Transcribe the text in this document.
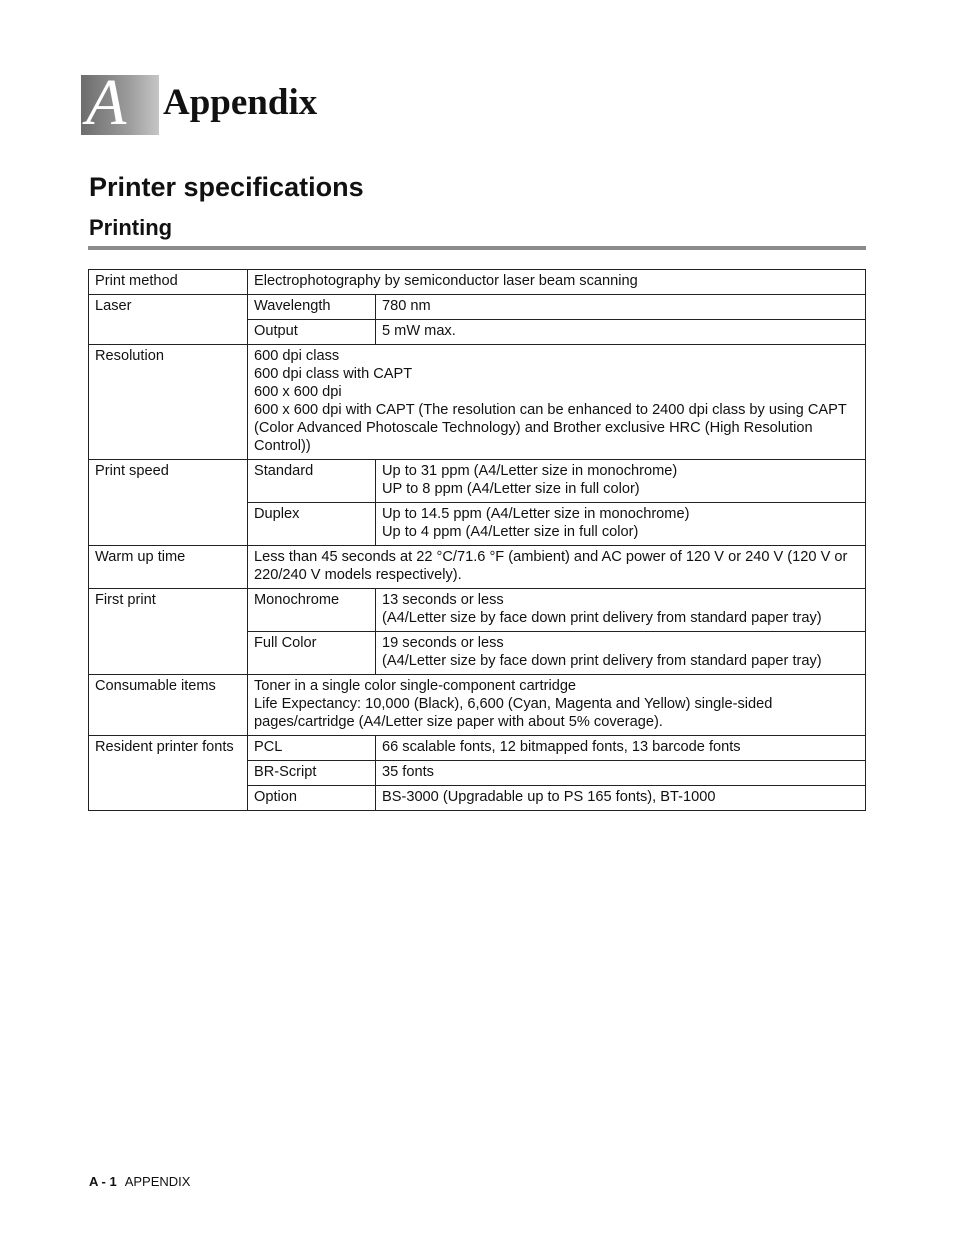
A Appendix
Printer specifications
Printing
Print method	Electrophotography by semiconductor laser beam scanning	
Laser	Wavelength	780 nm
	Output	5 mW max.
Resolution	600 dpi class
600 dpi class with CAPT
600 x 600 dpi
600 x 600 dpi with CAPT (The resolution can be enhanced to 2400 dpi class by using CAPT (Color Advanced Photoscale Technology) and Brother exclusive HRC (High Resolution Control))	

Print speed	Standard	Up to 31 ppm (A4/Letter size in monochrome)
UP to 8 ppm (A4/Letter size in full color)

	Duplex	Up to 14.5 ppm (A4/Letter size in monochrome)
Up to 4 ppm (A4/Letter size in full color)

Warm up time	Less than 45 seconds at 22 °C/71.6 °F (ambient) and AC power of 120 V or 240 V (120 V or 220/240 V models respectively).	
First print	Monochrome	13 seconds or less
(A4/Letter size by face down print delivery from standard paper tray)

	Full Color	19 seconds or less
(A4/Letter size by face down print delivery from standard paper tray)

Consumable items	Toner in a single color single-component cartridge
Life Expectancy: 10,000 (Black), 6,600 (Cyan, Magenta and Yellow) single-sided pages/cartridge (A4/Letter size paper with about 5% coverage).	

Resident printer fonts	PCL	66 scalable fonts, 12 bitmapped fonts, 13 barcode fonts
	BR-Script	35 fonts
	Option	BS-3000 (Upgradable up to PS 165 fonts), BT-1000
A - 1 APPENDIX
